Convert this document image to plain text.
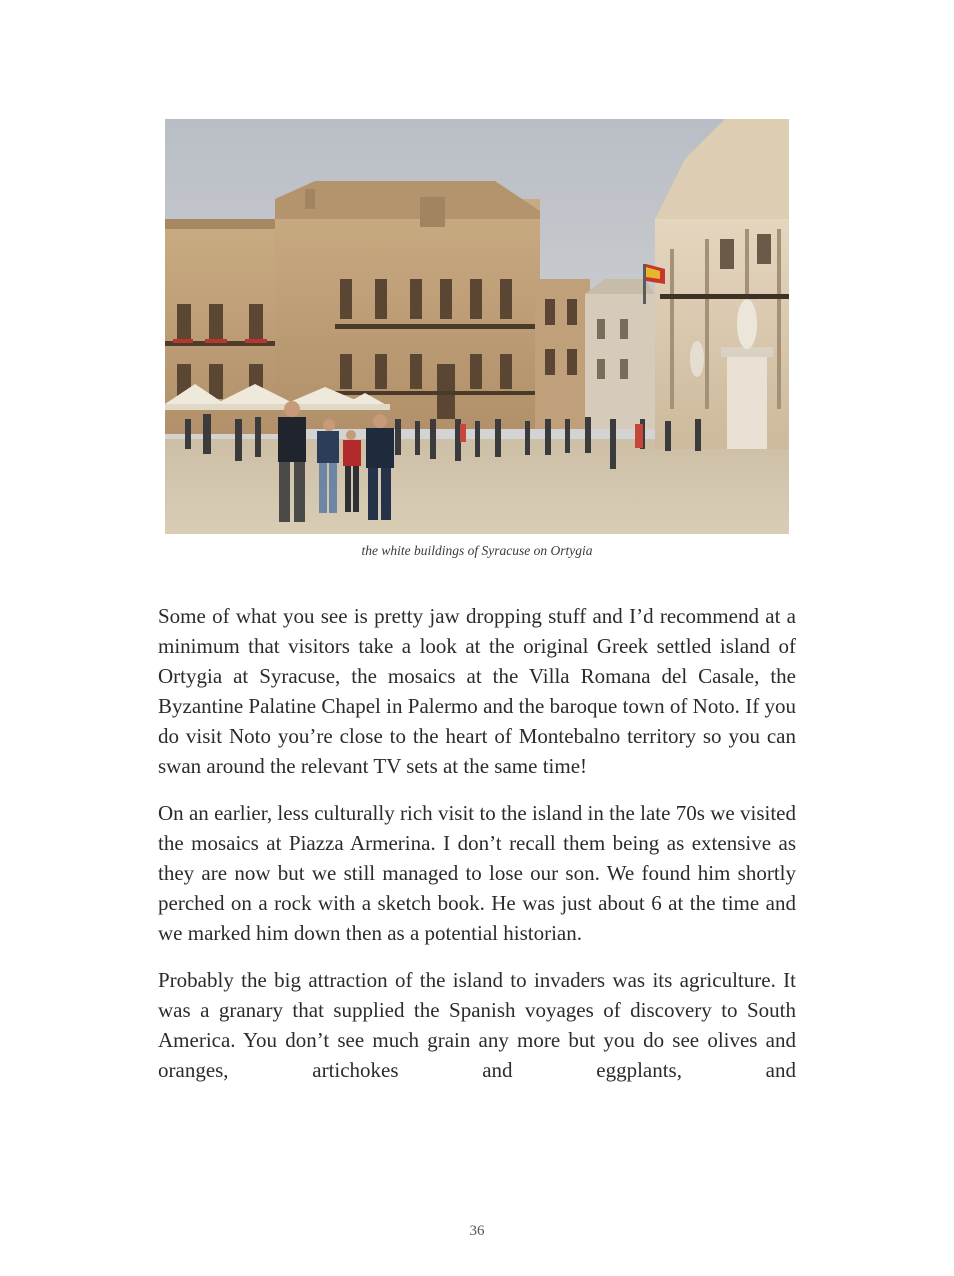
the white buildings of Syracuse on Ortygia

Some of what you see is pretty jaw dropping stuff and I’d recommend at a minimum that visitors take a look at the original Greek settled island of Ortygia at Syracuse, the mosaics at the Villa Romana del Casale, the Byzantine Palatine Chapel in Palermo and the baroque town of Noto. If you do visit Noto you’re close to the heart of Montebalno territory so you can swan around the relevant TV sets at the same time!

On an earlier, less culturally rich visit to the island in the late 70s we visited the mosaics at Piazza Armerina. I don’t recall them being as extensive as they are now but we still managed to lose our son. We found him shortly perched on a rock with a sketch book. He was just about 6 at the time and we marked him down then as a potential historian.

Probably the big attraction of the island to invaders was its agriculture. It was a granary that supplied the Spanish voyages of discovery to South America. You don’t see much grain any more but you do see olives and oranges, artichokes and eggplants, and

36
